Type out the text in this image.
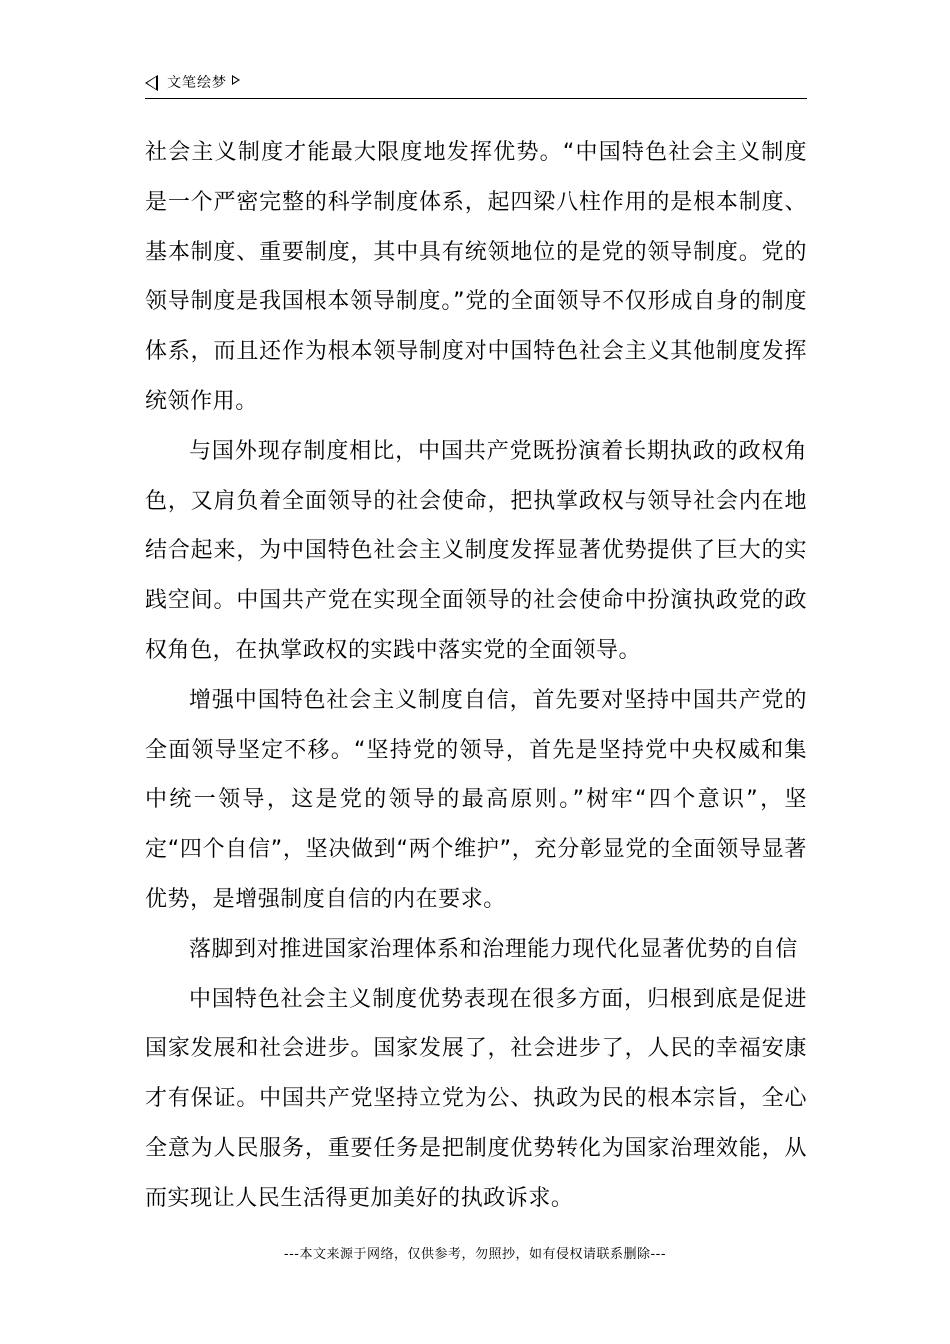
文笔绘梦

社会主义制度才能最大限度地发挥优势。“中国特色社会主义制度是一个严密完整的科学制度体系，起四梁八柱作用的是根本制度、基本制度、重要制度，其中具有统领地位的是党的领导制度。党的领导制度是我国根本领导制度。”党的全面领导不仅形成自身的制度体系，而且还作为根本领导制度对中国特色社会主义其他制度发挥统领作用。

与国外现存制度相比，中国共产党既扮演着长期执政的政权角色，又肩负着全面领导的社会使命，把执掌政权与领导社会内在地结合起来，为中国特色社会主义制度发挥显著优势提供了巨大的实践空间。中国共产党在实现全面领导的社会使命中扮演执政党的政权角色，在执掌政权的实践中落实党的全面领导。

增强中国特色社会主义制度自信，首先要对坚持中国共产党的全面领导坚定不移。“坚持党的领导，首先是坚持党中央权威和集中统一领导，这是党的领导的最高原则。”树牢“四个意识”，坚定“四个自信”，坚决做到“两个维护”，充分彰显党的全面领导显著优势，是增强制度自信的内在要求。

落脚到对推进国家治理体系和治理能力现代化显著优势的自信

中国特色社会主义制度优势表现在很多方面，归根到底是促进国家发展和社会进步。国家发展了，社会进步了，人民的幸福安康才有保证。中国共产党坚持立党为公、执政为民的根本宗旨，全心全意为人民服务，重要任务是把制度优势转化为国家治理效能，从而实现让人民生活得更加美好的执政诉求。

---本文来源于网络，仅供参考，勿照抄，如有侵权请联系删除---
